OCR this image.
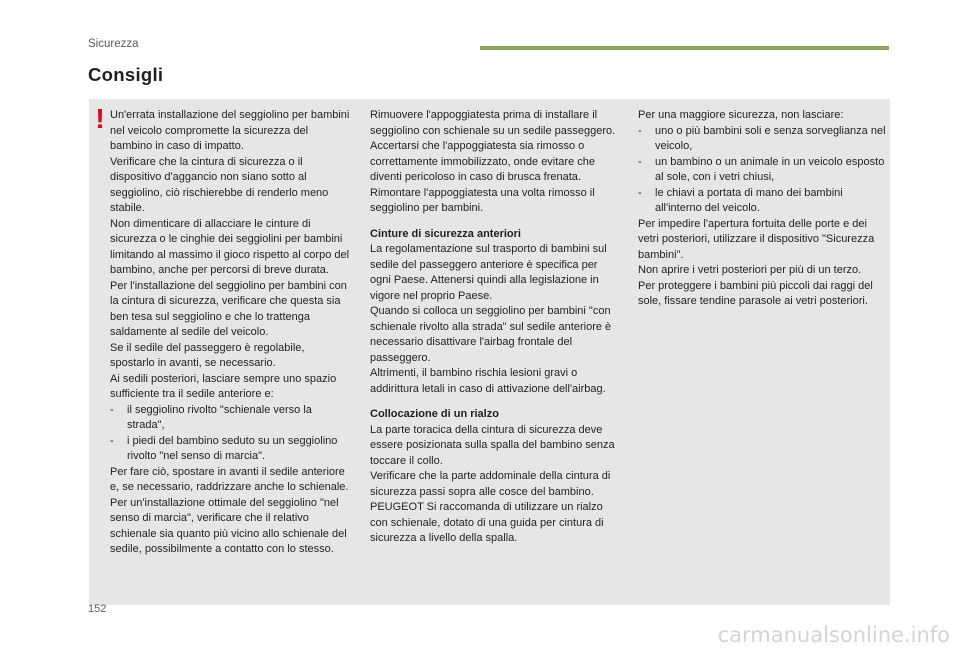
Sicurezza
Consigli
! Un'errata installazione del seggiolino per bambini nel veicolo compromette la sicurezza del bambino in caso di impatto.

Verificare che la cintura di sicurezza o il dispositivo d'aggancio non siano sotto al seggiolino, ciò rischierebbe di renderlo meno stabile.

Non dimenticare di allacciare le cinture di sicurezza o le cinghie dei seggiolini per bambini limitando al massimo il gioco rispetto al corpo del bambino, anche per percorsi di breve durata.

Per l'installazione del seggiolino per bambini con la cintura di sicurezza, verificare che questa sia ben tesa sul seggiolino e che lo trattenga saldamente al sedile del veicolo.

Se il sedile del passeggero è regolabile, spostarlo in avanti, se necessario.

Ai sedili posteriori, lasciare sempre uno spazio sufficiente tra il sedile anteriore e:

- il seggiolino rivolto "schienale verso la strada",

- i piedi del bambino seduto su un seggiolino rivolto "nel senso di marcia".

Per fare ciò, spostare in avanti il sedile anteriore e, se necessario, raddrizzare anche lo schienale.

Per un'installazione ottimale del seggiolino "nel senso di marcia", verificare che il relativo schienale sia quanto più vicino allo schienale del sedile, possibilmente a contatto con lo stesso.

Rimuovere l'appoggiatesta prima di installare il seggiolino con schienale su un sedile passeggero.

Accertarsi che l'appoggiatesta sia rimosso o correttamente immobilizzato, onde evitare che diventi pericoloso in caso di brusca frenata. Rimontare l'appoggiatesta una volta rimosso il seggiolino per bambini.

Cinture di sicurezza anteriori

La regolamentazione sul trasporto di bambini sul sedile del passeggero anteriore è specifica per ogni Paese. Attenersi quindi alla legislazione in vigore nel proprio Paese.

Quando si colloca un seggiolino per bambini "con schienale rivolto alla strada" sul sedile anteriore è necessario disattivare l'airbag frontale del passeggero.

Altrimenti, il bambino rischia lesioni gravi o addirittura letali in caso di attivazione dell'airbag.

Collocazione di un rialzo

La parte toracica della cintura di sicurezza deve essere posizionata sulla spalla del bambino senza toccare il collo.

Verificare che la parte addominale della cintura di sicurezza passi sopra alle cosce del bambino.

PEUGEOT Si raccomanda di utilizzare un rialzo con schienale, dotato di una guida per cintura di sicurezza a livello della spalla.

Per una maggiore sicurezza, non lasciare:

- uno o più bambini soli e senza sorveglianza nel veicolo,

- un bambino o un animale in un veicolo esposto al sole, con i vetri chiusi,

- le chiavi a portata di mano dei bambini all'interno del veicolo.

Per impedire l'apertura fortuita delle porte e dei vetri posteriori, utilizzare il dispositivo "Sicurezza bambini".

Non aprire i vetri posteriori per più di un terzo.

Per proteggere i bambini più piccoli dai raggi del sole, fissare tendine parasole ai vetri posteriori.

152
carmanualsonline.info
